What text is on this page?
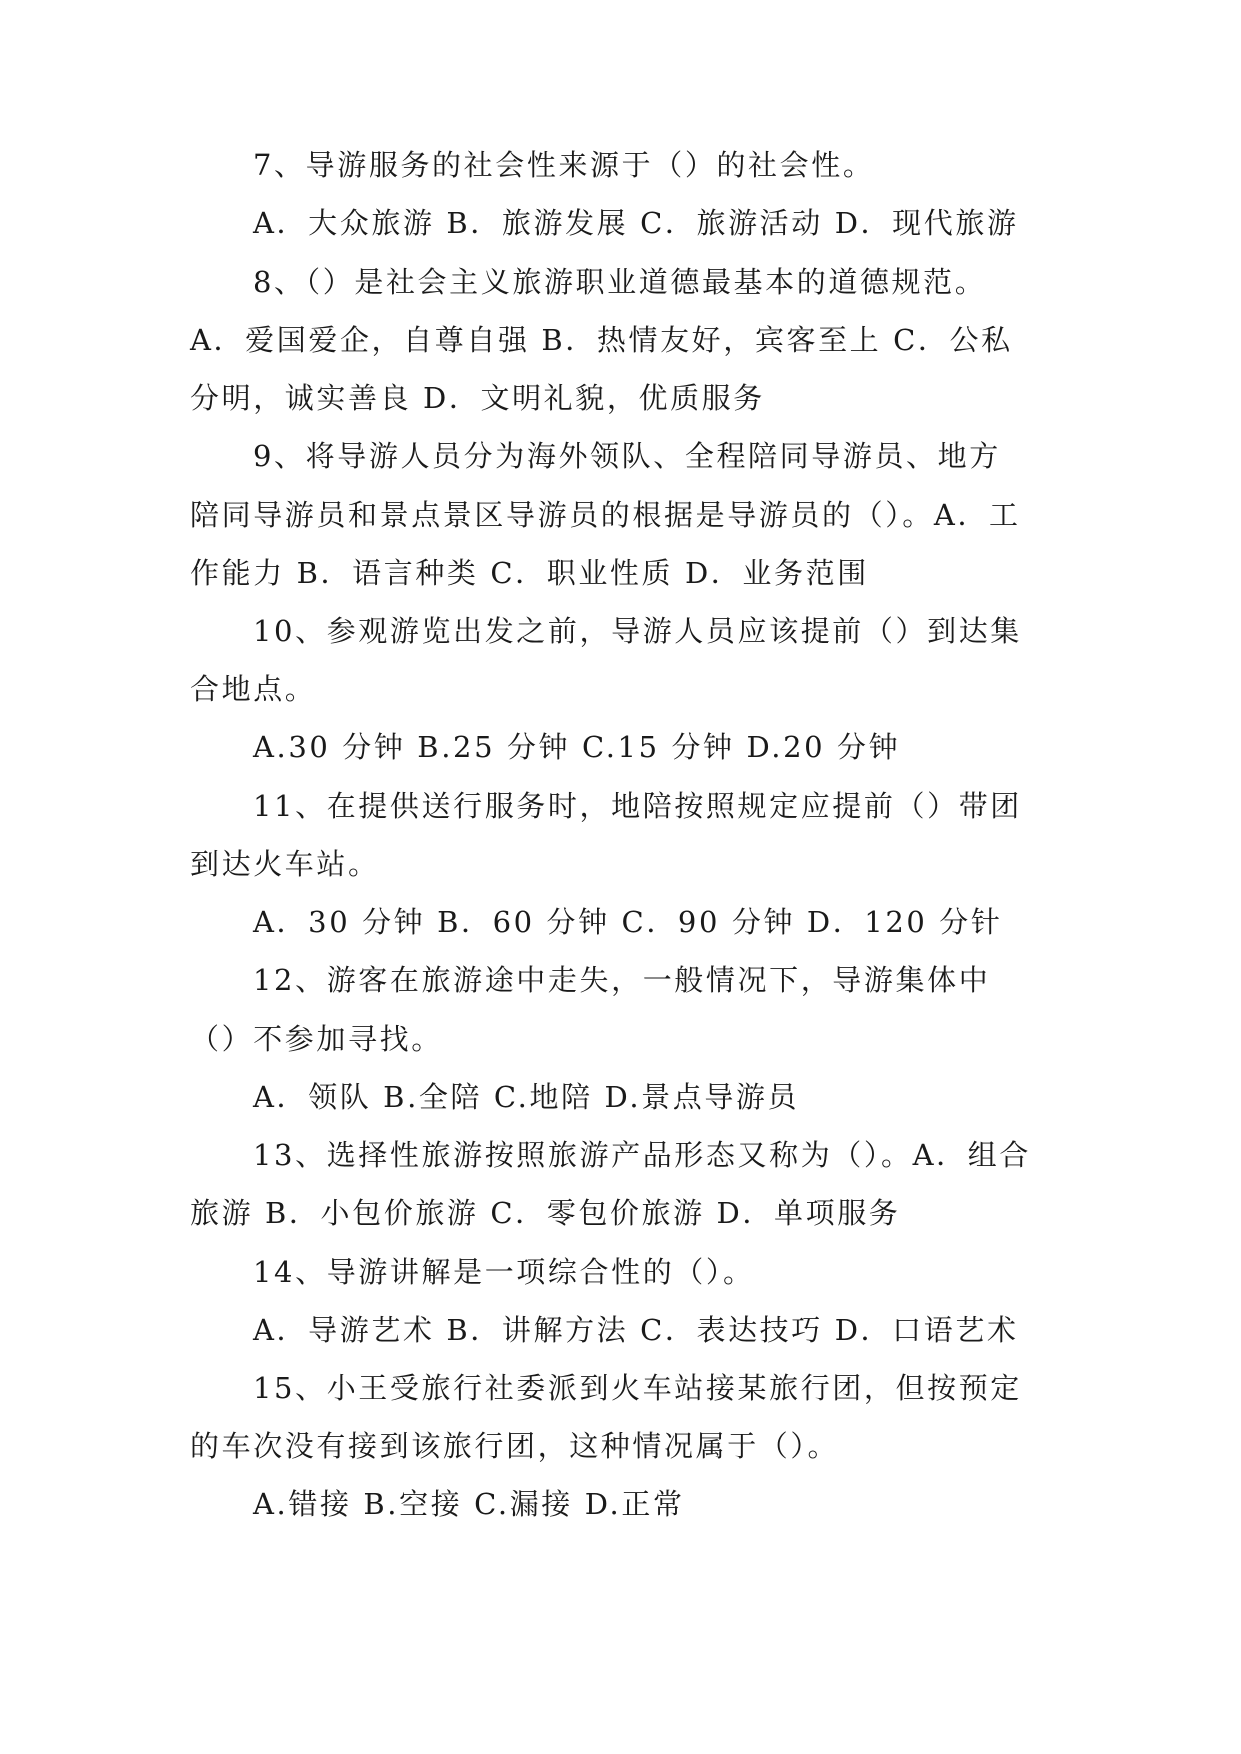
7、导游服务的社会性来源于（）的社会性。
A．大众旅游 B．旅游发展 C．旅游活动 D．现代旅游
8、（）是社会主义旅游职业道德最基本的道德规范。
A．爱国爱企，自尊自强 B．热情友好，宾客至上 C．公私
分明，诚实善良 D．文明礼貌，优质服务
9、将导游人员分为海外领队、全程陪同导游员、地方
陪同导游员和景点景区导游员的根据是导游员的（）。A．工
作能力 B．语言种类 C．职业性质 D．业务范围
10、参观游览出发之前，导游人员应该提前（）到达集
合地点。
A.30 分钟 B.25 分钟 C.15 分钟 D.20 分钟
11、在提供送行服务时，地陪按照规定应提前（）带团
到达火车站。
A．30 分钟 B．60 分钟 C．90 分钟 D．120 分针
12、游客在旅游途中走失，一般情况下，导游集体中
（）不参加寻找。
A．领队 B.全陪 C.地陪 D.景点导游员
13、选择性旅游按照旅游产品形态又称为（）。A．组合
旅游 B．小包价旅游 C．零包价旅游 D．单项服务
14、导游讲解是一项综合性的（）。
A．导游艺术 B．讲解方法 C．表达技巧 D．口语艺术
15、小王受旅行社委派到火车站接某旅行团，但按预定
的车次没有接到该旅行团，这种情况属于（）。
A.错接 B.空接 C.漏接 D.正常
